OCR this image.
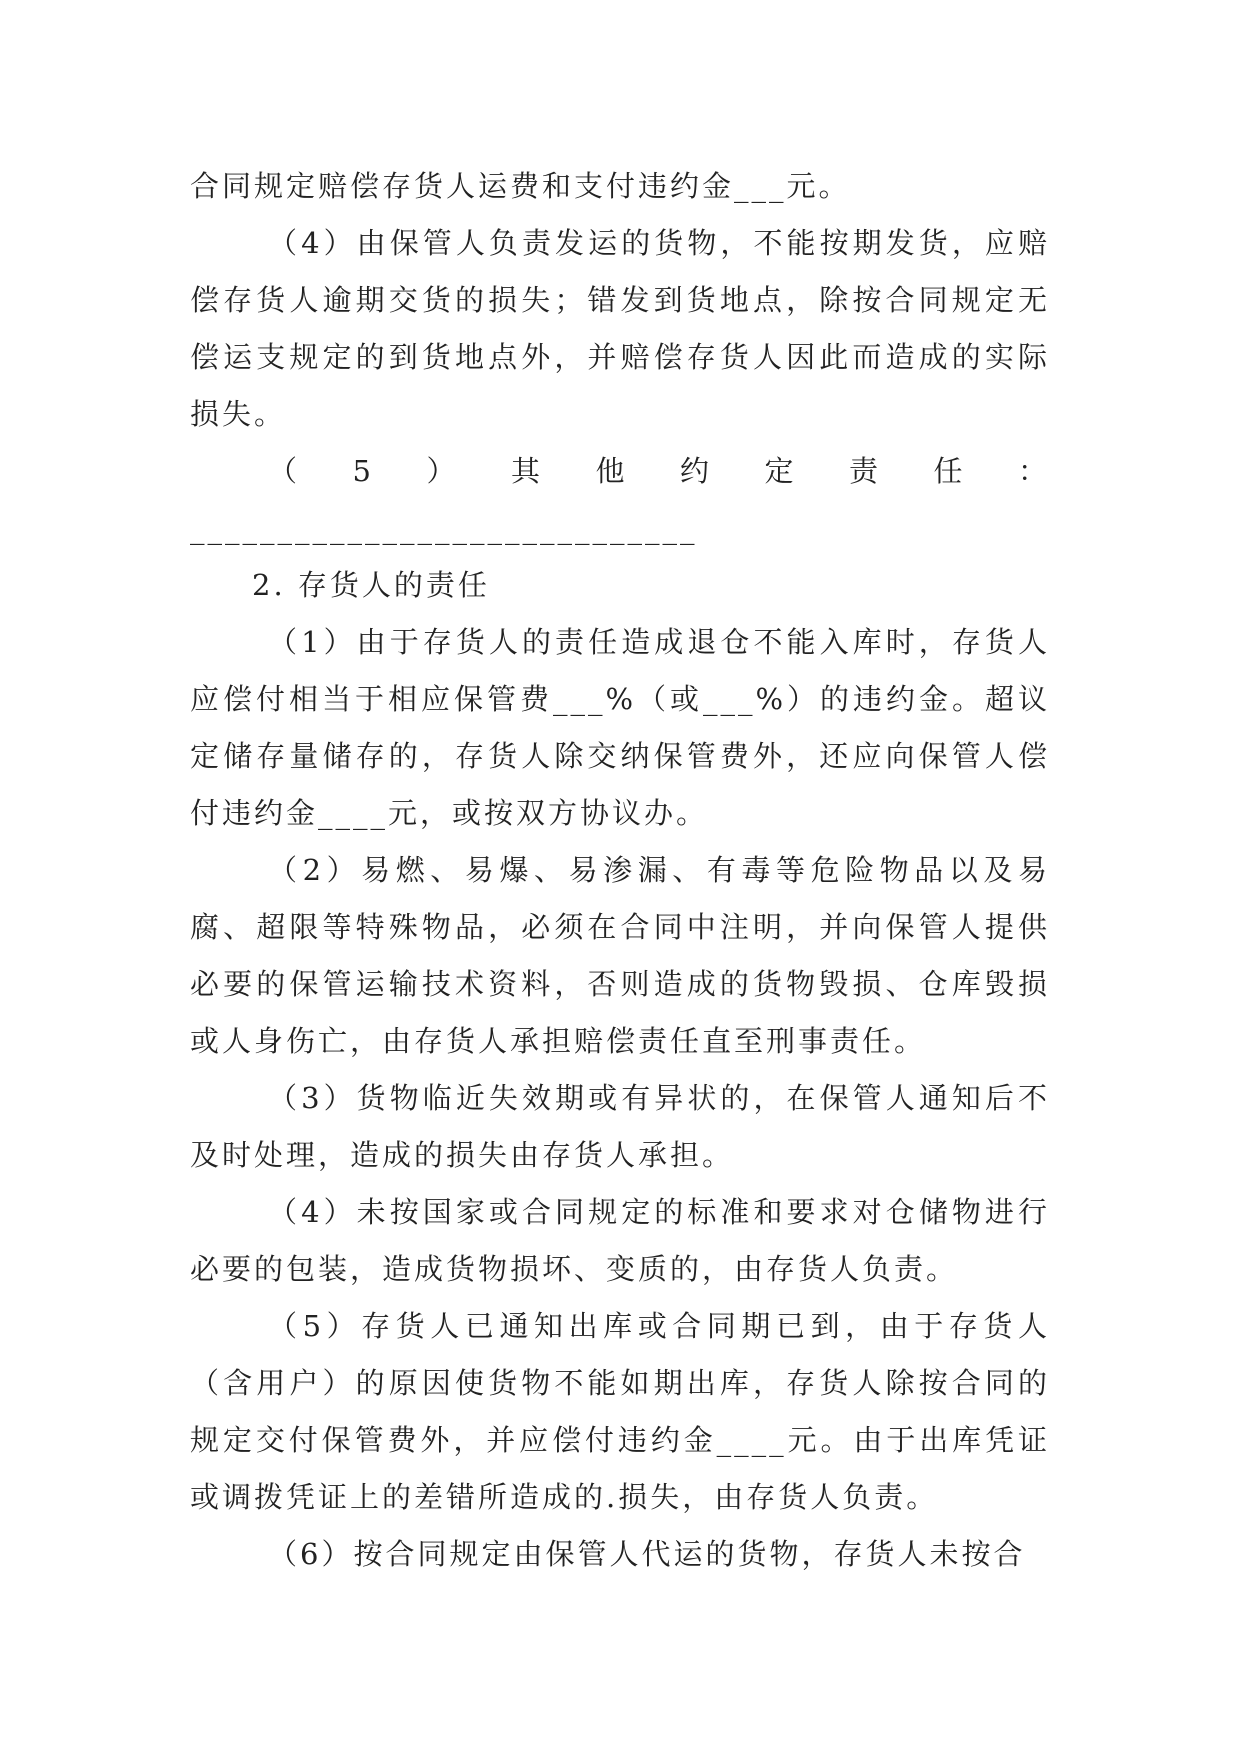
合同规定赔偿存货人运费和支付违约金___元。

（4）由保管人负责发运的货物，不能按期发货，应赔偿存货人逾期交货的损失；错发到货地点，除按合同规定无偿运支规定的到货地点外，并赔偿存货人因此而造成的实际损失。

（5）其他约定责任：_____________________________

2. 存货人的责任

（1）由于存货人的责任造成退仓不能入库时，存货人应偿付相当于相应保管费___%（或___%）的违约金。超议定储存量储存的，存货人除交纳保管费外，还应向保管人偿付违约金____元，或按双方协议办。

（2）易燃、易爆、易渗漏、有毒等危险物品以及易腐、超限等特殊物品，必须在合同中注明，并向保管人提供必要的保管运输技术资料，否则造成的货物毁损、仓库毁损或人身伤亡，由存货人承担赔偿责任直至刑事责任。

（3）货物临近失效期或有异状的，在保管人通知后不及时处理，造成的损失由存货人承担。

（4）未按国家或合同规定的标准和要求对仓储物进行必要的包装，造成货物损坏、变质的，由存货人负责。

（5）存货人已通知出库或合同期已到，由于存货人（含用户）的原因使货物不能如期出库，存货人除按合同的规定交付保管费外，并应偿付违约金____元。由于出库凭证或调拨凭证上的差错所造成的.损失，由存货人负责。

（6）按合同规定由保管人代运的货物，存货人未按合
